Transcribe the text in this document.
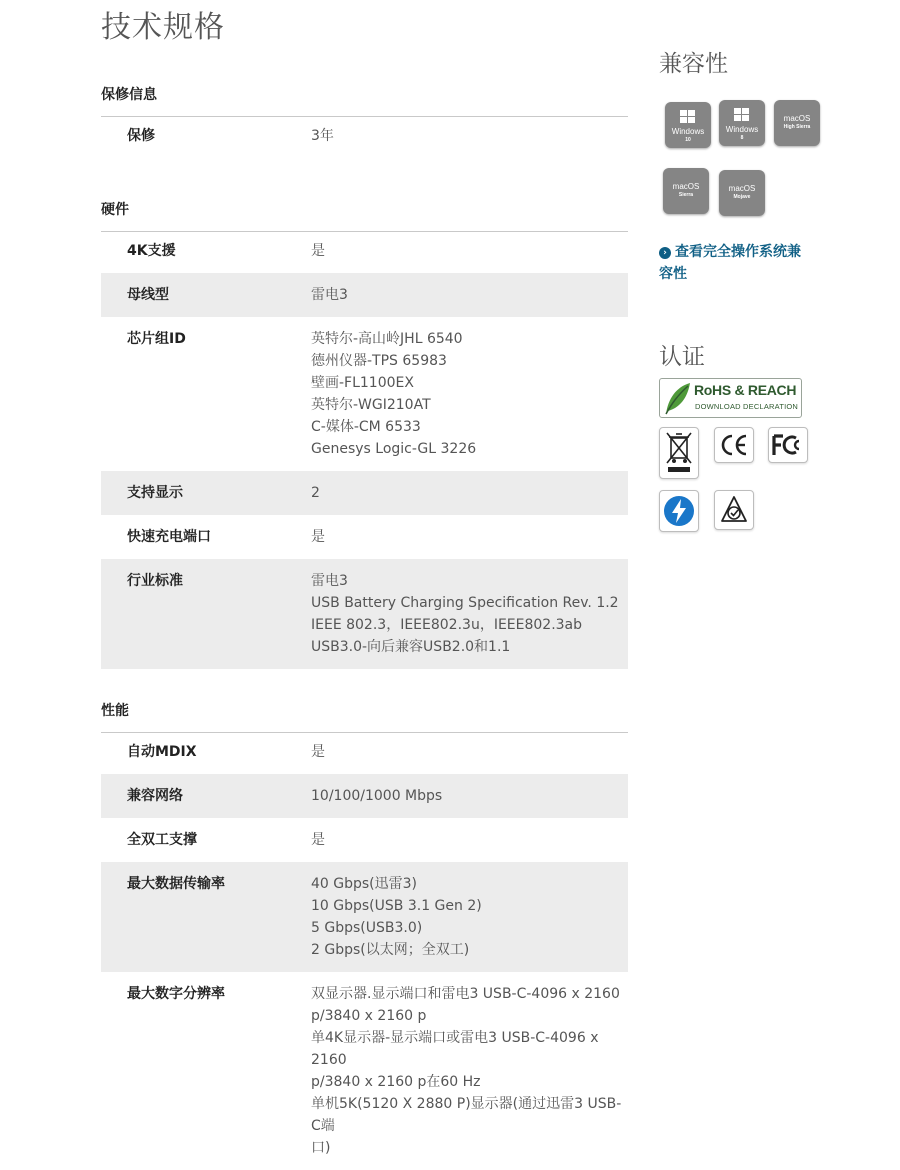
技术规格
保修信息
保修	3年
硬件
4K支援	是
母线型	雷电3
芯片组ID	英特尔-高山岭JHL 6540
德州仪器-TPS 65983
壁画-FL1100EX
英特尔-WGI210AT
C-媒体-CM 6533
Genesys Logic-GL 3226
支持显示	2
快速充电端口	是
行业标准	雷电3
USB Battery Charging Specification Rev. 1.2
IEEE 802.3，IEEE802.3u，IEEE802.3ab
USB3.0-向后兼容USB2.0和1.1
性能
自动MDIX	是
兼容网络	10/100/1000 Mbps
全双工支撑	是
最大数据传输率	40 Gbps(迅雷3)
10 Gbps(USB 3.1 Gen 2)
5 Gbps(USB3.0)
2 Gbps(以太网；全双工)
最大数字分辨率	双显示器.显示端口和雷电3 USB-C-4096 x 2160
p/3840 x 2160 p
单4K显示器-显示端口或雷电3 USB-C-4096 x 2160
p/3840 x 2160 p在60 Hz
单机5K(5120 X 2880 P)显示器(通过迅雷3 USB-C端
口)
兼容性
Windows
10
Windows
8
macOS
High Sierra
macOS
Sierra
macOS
Mojave
› 查看完全操作系统兼
容性
认证
RoHS & REACH
DOWNLOAD DECLARATION
